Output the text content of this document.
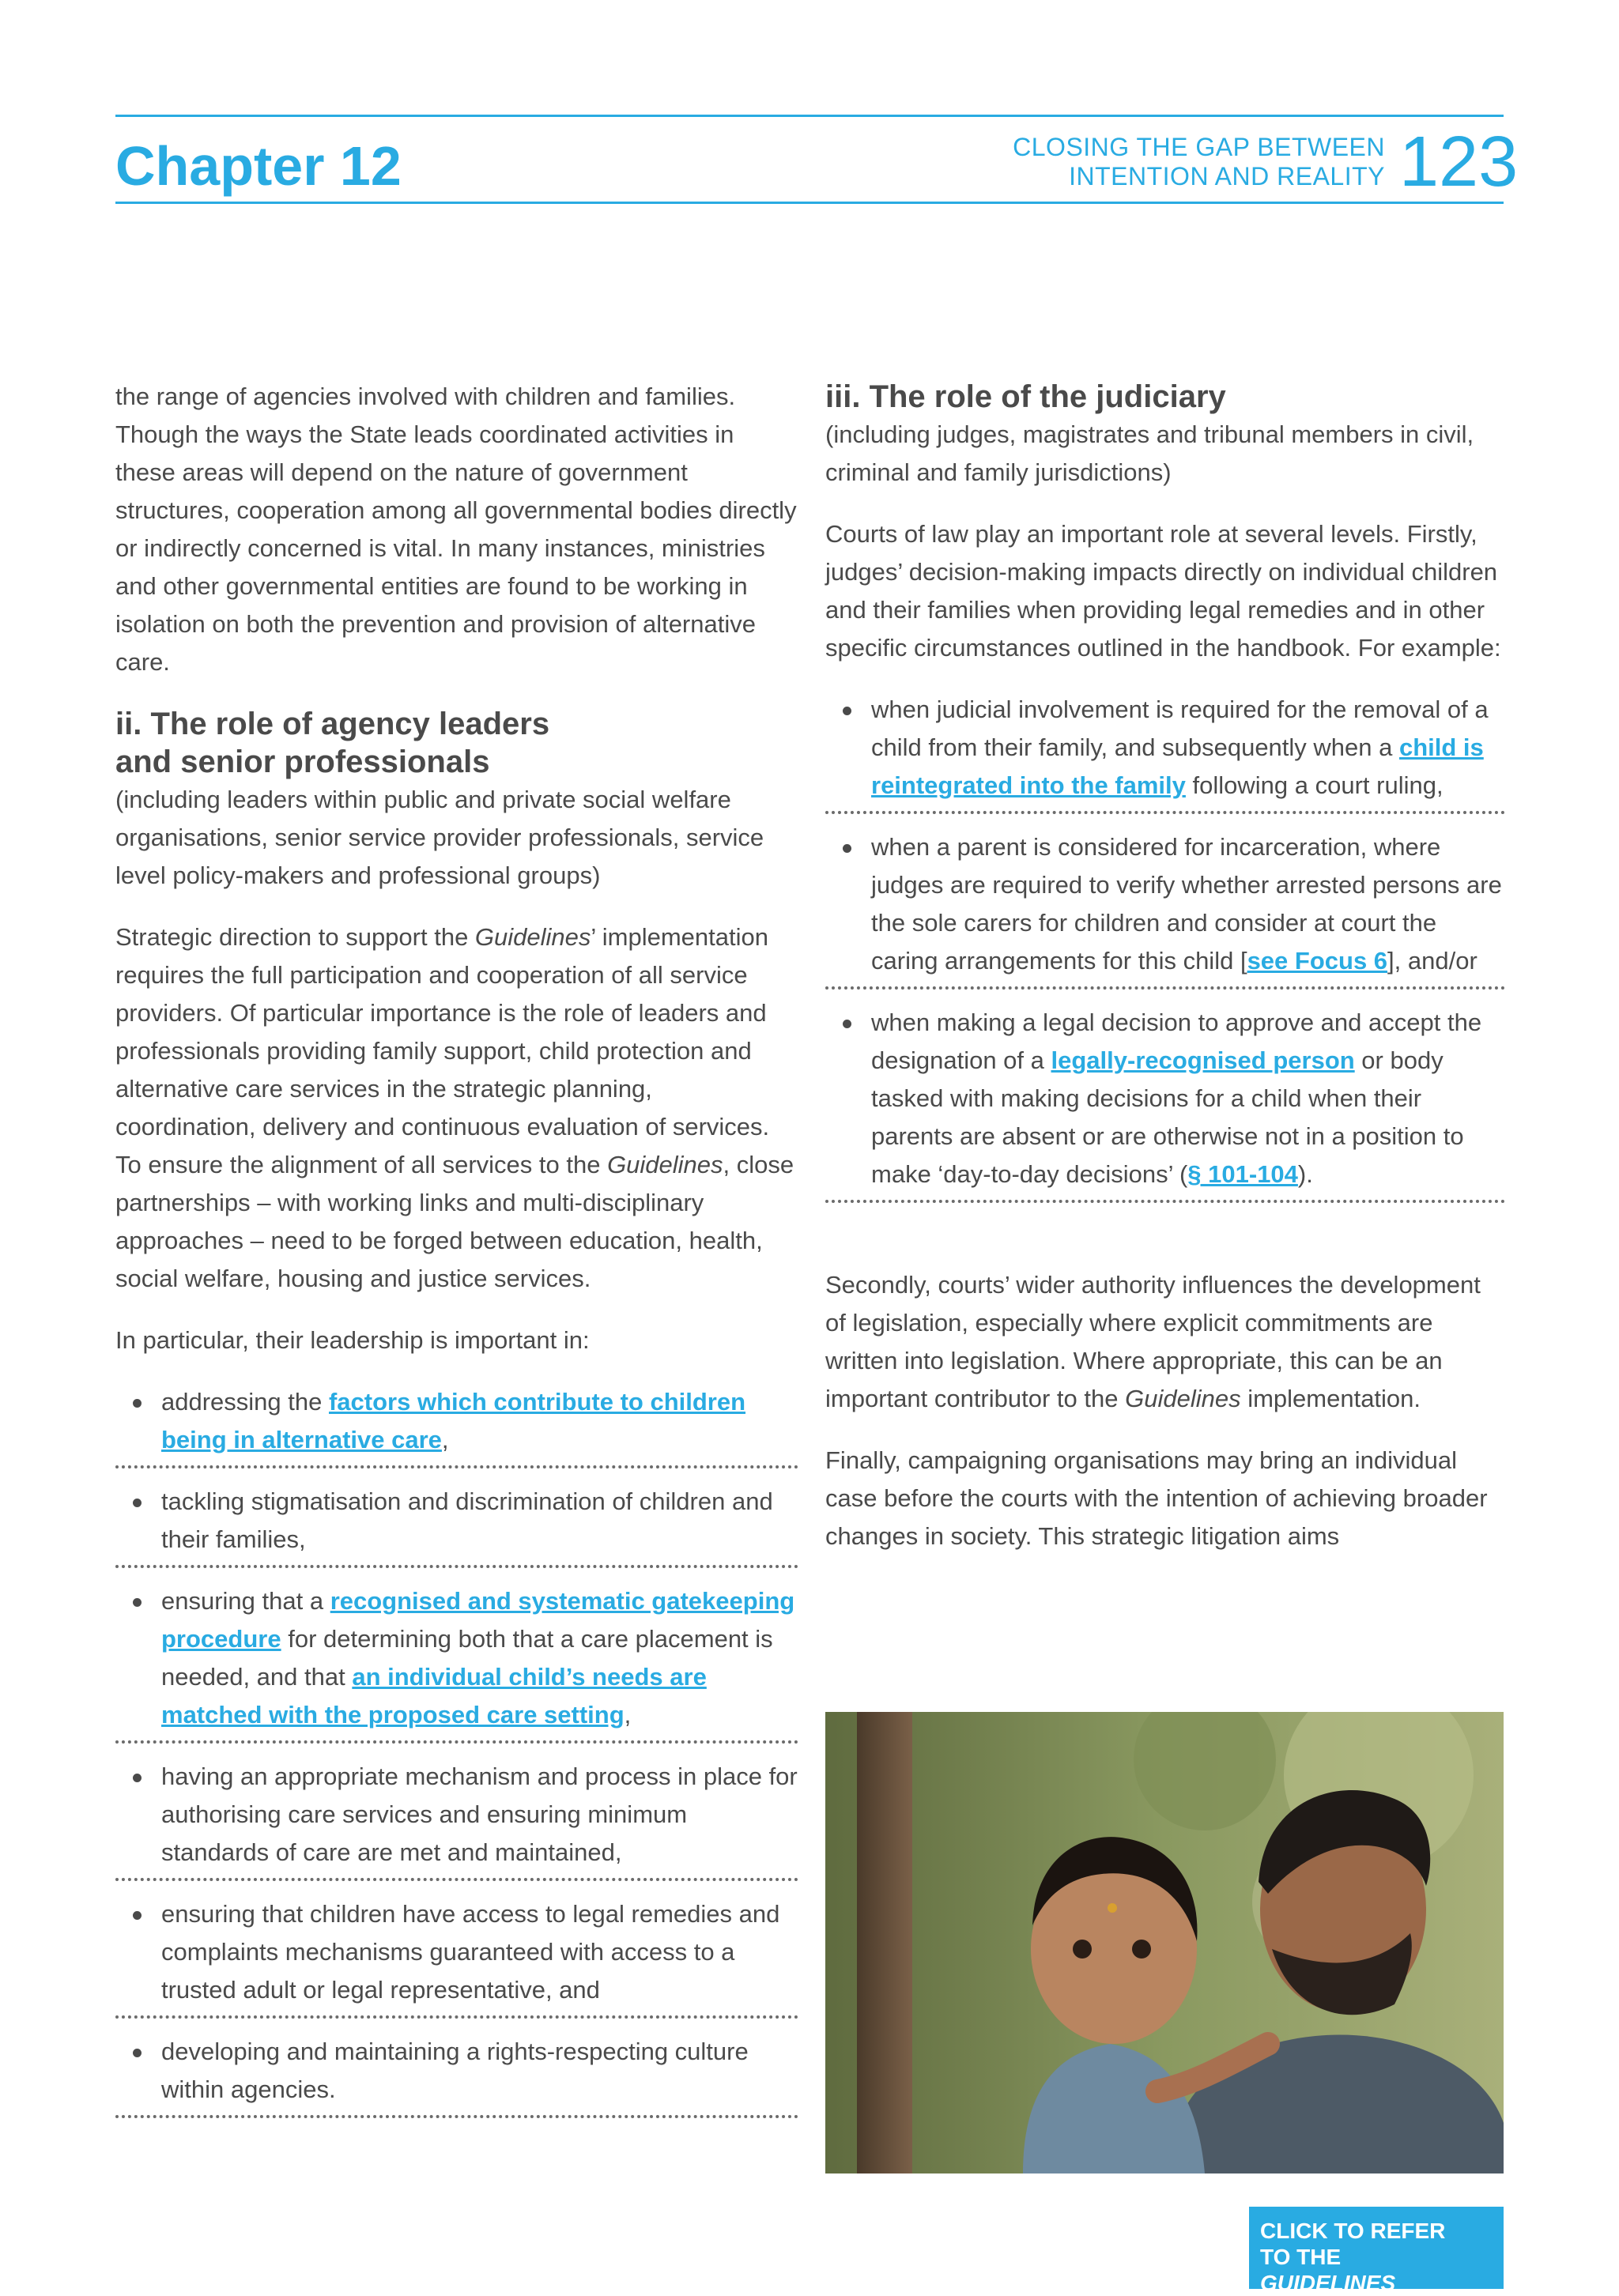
Chapter 12	CLOSING THE GAP BETWEEN
INTENTION AND REALITY 123

the range of agencies involved with children and families. Though the ways the State leads coordinated activities in these areas will depend on the nature of government structures, cooperation among all governmental bodies directly or indirectly concerned is vital. In many instances, ministries and other governmental entities are found to be working in isolation on both the prevention and provision of alternative care.

ii. The role of agency leaders
and senior professionals

(including leaders within public and private social welfare organisations, senior service provider professionals, service level policy-makers and professional groups)

Strategic direction to support the Guidelines’ implementation requires the full participation and cooperation of all service providers. Of particular importance is the role of leaders and professionals providing family support, child protection and alternative care services in the strategic planning, coordination, delivery and continuous evaluation of services. To ensure the alignment of all services to the Guidelines, close partnerships – with working links and multi-disciplinary approaches – need to be forged between education, health, social welfare, housing and justice services.

In particular, their leadership is important in:

addressing the factors which contribute to children being in alternative care,
tackling stigmatisation and discrimination of children and their families,
ensuring that a recognised and systematic gatekeeping procedure for determining both that a care placement is needed, and that an individual child’s needs are matched with the proposed care setting,
having an appropriate mechanism and process in place for authorising care services and ensuring minimum standards of care are met and maintained,
ensuring that children have access to legal remedies and complaints mechanisms guaranteed with access to a trusted adult or legal representative, and
developing and maintaining a rights-respecting culture within agencies.
iii. The role of the judiciary

(including judges, magistrates and tribunal members in civil, criminal and family jurisdictions)

Courts of law play an important role at several levels. Firstly, judges’ decision-making impacts directly on individual children and their families when providing legal remedies and in other specific circumstances outlined in the handbook. For example:

when judicial involvement is required for the removal of a child from their family, and subsequently when a child is reintegrated into the family following a court ruling,
when a parent is considered for incarceration, where judges are required to verify whether arrested persons are the sole carers for children and consider at court the caring arrangements for this child [see Focus 6], and/or
when making a legal decision to approve and accept the designation of a legally-recognised person or body tasked with making decisions for a child when their parents are absent or are otherwise not in a position to make ‘day-to-day decisions’ (§ 101-104).

Secondly, courts’ wider authority influences the development of legislation, especially where explicit commitments are written into legislation. Where appropriate, this can be an important contributor to the Guidelines implementation.

Finally, campaigning organisations may bring an individual case before the courts with the intention of achieving broader changes in society. This strategic litigation aims

CLICK TO REFER
TO THE
GUIDELINES
